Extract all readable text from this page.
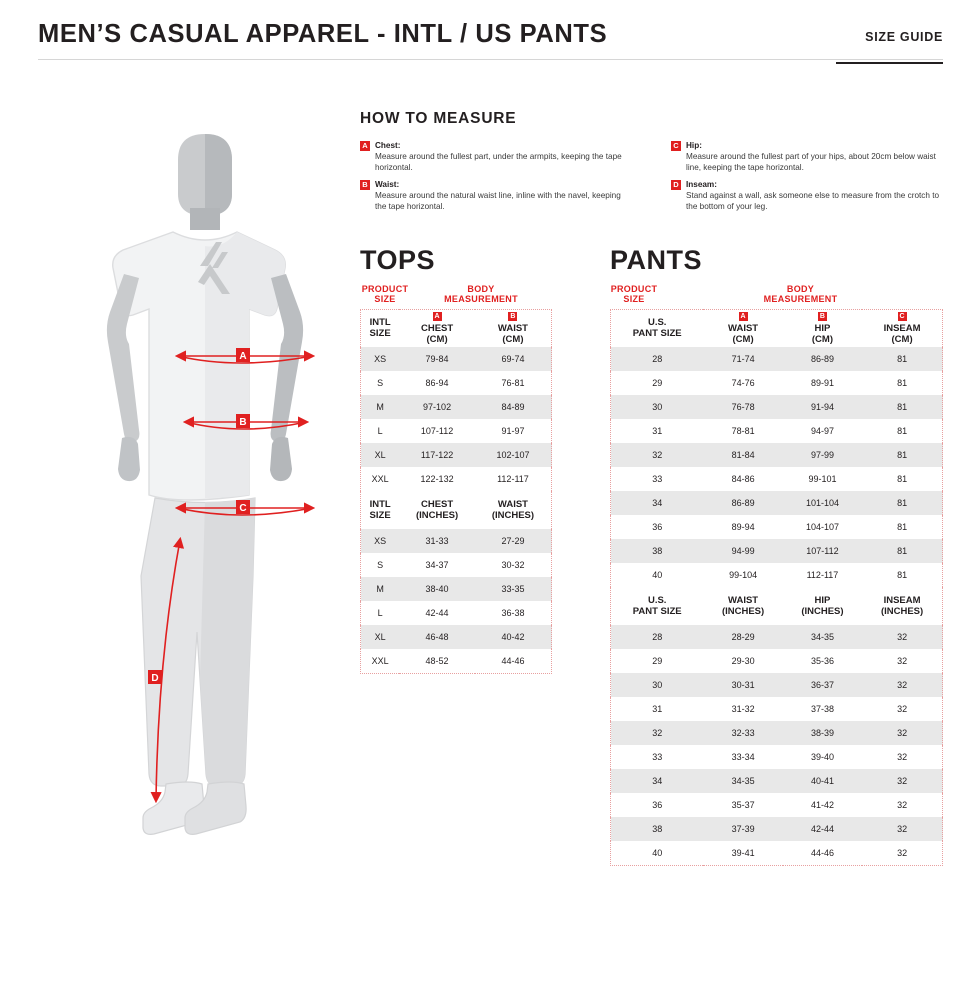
MEN’S CASUAL APPAREL - INTL / US PANTS	SIZE GUIDE
A
B
C
D
HOW TO MEASURE
A Chest:
Measure around the fullest part, under the armpits, keeping the tape horizontal.
B Waist:
Measure around the natural waist line, inline with the navel, keeping the tape horizontal.
C Hip:
Measure around the fullest part of your hips, about 20cm below waist line, keeping the tape horizontal.
D Inseam:
Stand against a wall, ask someone else to measure from the crotch to the bottom of your leg.
TOPS
PRODUCT
SIZE
BODY
MEASUREMENT
INTL
SIZE

A
CHEST
(CM)

B
WAIST
(CM)

XS	79-84	69-74
S	86-94	76-81
M	97-102	84-89
L	107-112	91-97
XL	117-122	102-107
XXL	122-132	112-117

INTL
SIZE

CHEST
(INCHES)

WAIST
(INCHES)

XS	31-33	27-29
S	34-37	30-32
M	38-40	33-35
L	42-44	36-38
XL	46-48	40-42
XXL	48-52	44-46
PANTS
PRODUCT
SIZE
BODY
MEASUREMENT
U.S.
PANT SIZE

A
WAIST
(CM)

B
HIP
(CM)

C
INSEAM
(CM)

28	71-74	86-89	81
29	74-76	89-91	81
30	76-78	91-94	81
31	78-81	94-97	81
32	81-84	97-99	81
33	84-86	99-101	81
34	86-89	101-104	81
36	89-94	104-107	81
38	94-99	107-112	81
40	99-104	112-117	81

U.S.
PANT SIZE

WAIST
(INCHES)

HIP
(INCHES)

INSEAM
(INCHES)

28	28-29	34-35	32
29	29-30	35-36	32
30	30-31	36-37	32
31	31-32	37-38	32
32	32-33	38-39	32
33	33-34	39-40	32
34	34-35	40-41	32
36	35-37	41-42	32
38	37-39	42-44	32
40	39-41	44-46	32
